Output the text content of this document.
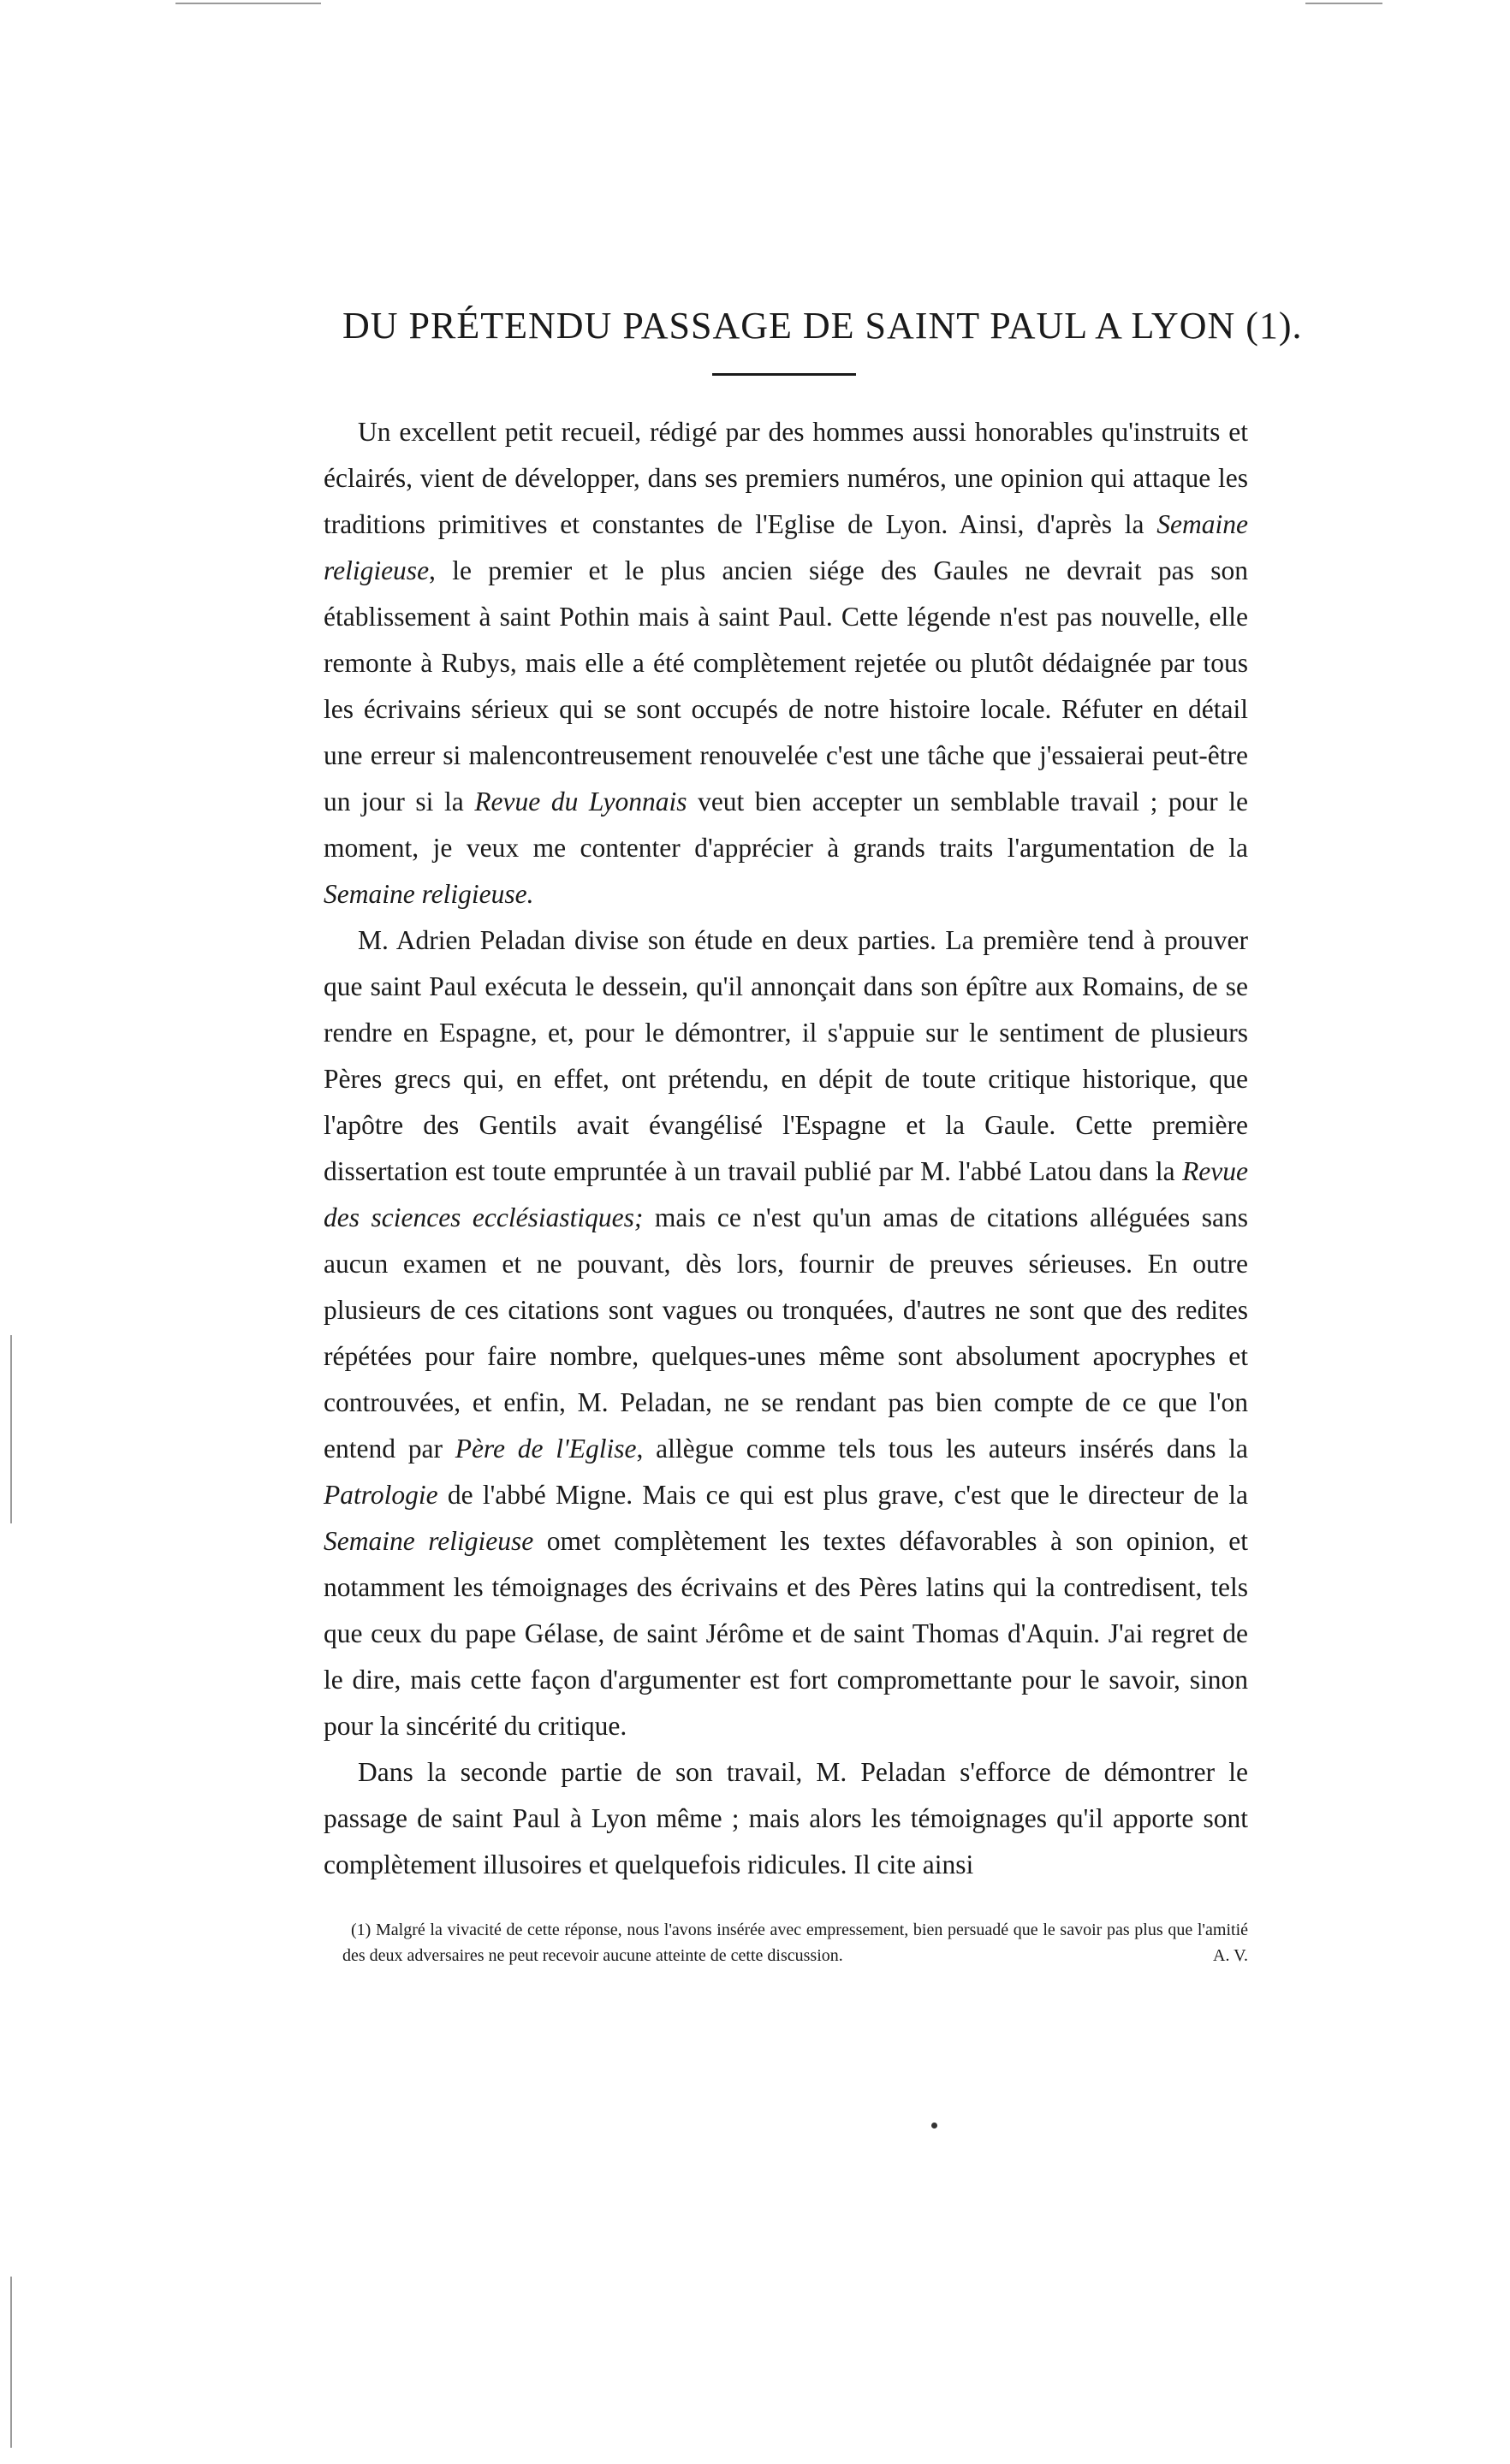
DU PRÉTENDU PASSAGE DE SAINT PAUL A LYON (1).

Un excellent petit recueil, rédigé par des hommes aussi honorables qu'instruits et éclairés, vient de développer, dans ses premiers numéros, une opinion qui attaque les traditions primitives et constantes de l'Eglise de Lyon. Ainsi, d'après la Semaine religieuse, le premier et le plus ancien siége des Gaules ne devrait pas son établissement à saint Pothin mais à saint Paul. Cette légende n'est pas nouvelle, elle remonte à Rubys, mais elle a été complètement rejetée ou plutôt dédaignée par tous les écrivains sérieux qui se sont occupés de notre histoire locale. Réfuter en détail une erreur si malencontreusement renouvelée c'est une tâche que j'essaierai peut-être un jour si la Revue du Lyonnais veut bien accepter un semblable travail ; pour le moment, je veux me contenter d'apprécier à grands traits l'argumentation de la Semaine religieuse.

M. Adrien Peladan divise son étude en deux parties. La première tend à prouver que saint Paul exécuta le dessein, qu'il annonçait dans son épître aux Romains, de se rendre en Espagne, et, pour le démontrer, il s'appuie sur le sentiment de plusieurs Pères grecs qui, en effet, ont prétendu, en dépit de toute critique historique, que l'apôtre des Gentils avait évangélisé l'Espagne et la Gaule. Cette première dissertation est toute empruntée à un travail publié par M. l'abbé Latou dans la Revue des sciences ecclésiastiques; mais ce n'est qu'un amas de citations alléguées sans aucun examen et ne pouvant, dès lors, fournir de preuves sérieuses. En outre plusieurs de ces citations sont vagues ou tronquées, d'autres ne sont que des redites répétées pour faire nombre, quelques-unes même sont absolument apocryphes et controuvées, et enfin, M. Peladan, ne se rendant pas bien compte de ce que l'on entend par Père de l'Eglise, allègue comme tels tous les auteurs insérés dans la Patrologie de l'abbé Migne. Mais ce qui est plus grave, c'est que le directeur de la Semaine religieuse omet complètement les textes défavorables à son opinion, et notamment les témoignages des écrivains et des Pères latins qui la contredisent, tels que ceux du pape Gélase, de saint Jérôme et de saint Thomas d'Aquin. J'ai regret de le dire, mais cette façon d'argumenter est fort compromettante pour le savoir, sinon pour la sincérité du critique.

Dans la seconde partie de son travail, M. Peladan s'efforce de démontrer le passage de saint Paul à Lyon même ; mais alors les témoignages qu'il apporte sont complètement illusoires et quelquefois ridicules. Il cite ainsi

(1) Malgré la vivacité de cette réponse, nous l'avons insérée avec empressement, bien persuadé que le savoir pas plus que l'amitié des deux adversaires ne peut recevoir aucune atteinte de cette discussion.	A. V.
